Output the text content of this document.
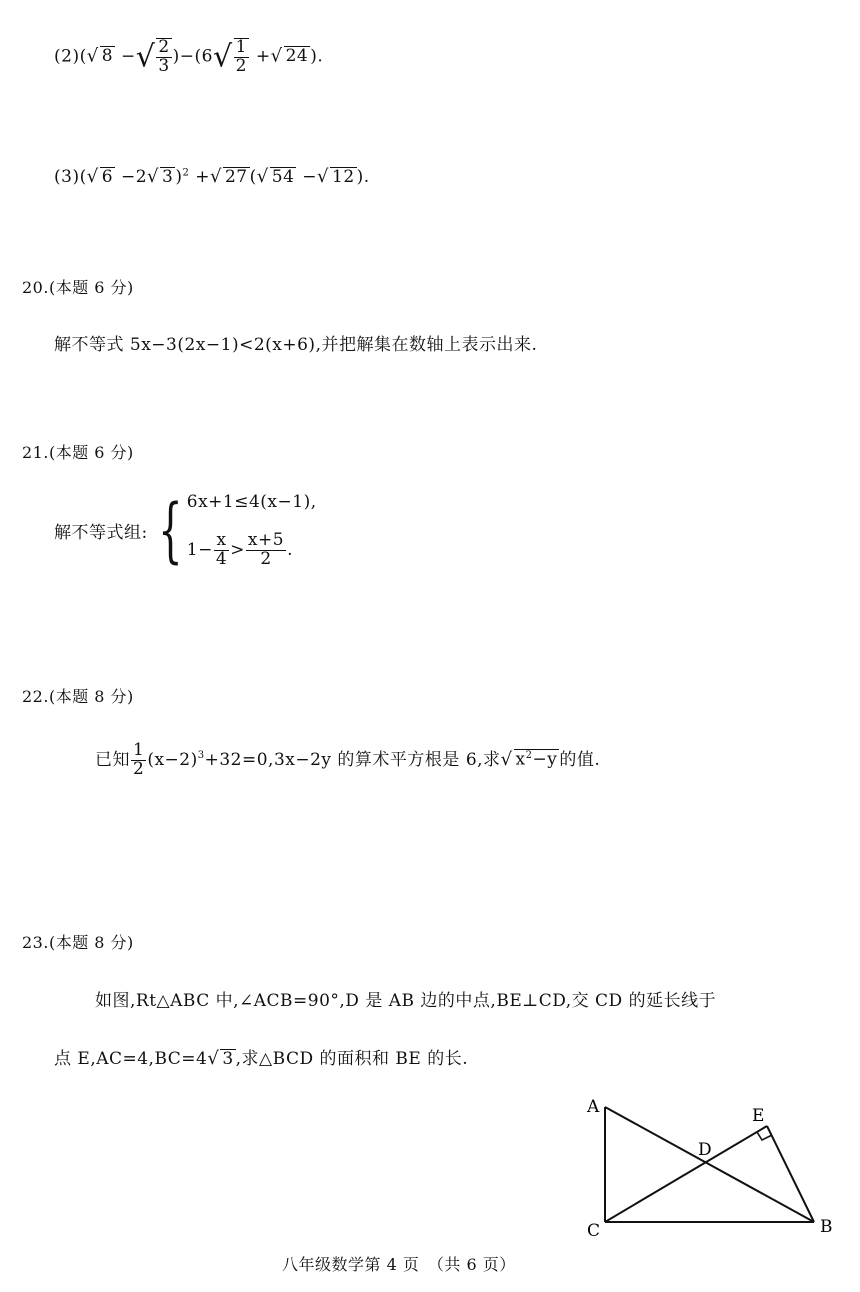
(2)(√ 8 −√ $\frac{2}{3} )-(6√ \frac{1}{2}$ +√ 24 ).
(3)(√ 6 −2√ 3 )$^2$ +√ 27 (√ 54 −√ 12 ).
20.(本题 6 分)
解不等式 5x−3(2x−1)<2(x+6),并把解集在数轴上表示出来.
21.(本题 6 分)
解不等式组: { 6x+1≤4(x−1),
$1- \frac{x}{4} > \frac{x+5}{2}$ .
22.(本题 8 分)
已知 $\frac{1}{2} (x-2)^3+32=0,3x-2y$ 的算术平方根是 6,求√ $x^2-y$ 的值.
23.(本题 8 分)
如图,Rt△ABC 中,∠ACB=90°,D 是 AB 边的中点,BE⊥CD,交 CD 的延长线于
点 E,AC=4,BC=4√ 3 ,求△BCD 的面积和 BE 的长.
A
C	B
D
E
八年级数学第 4 页　（共 6 页）
